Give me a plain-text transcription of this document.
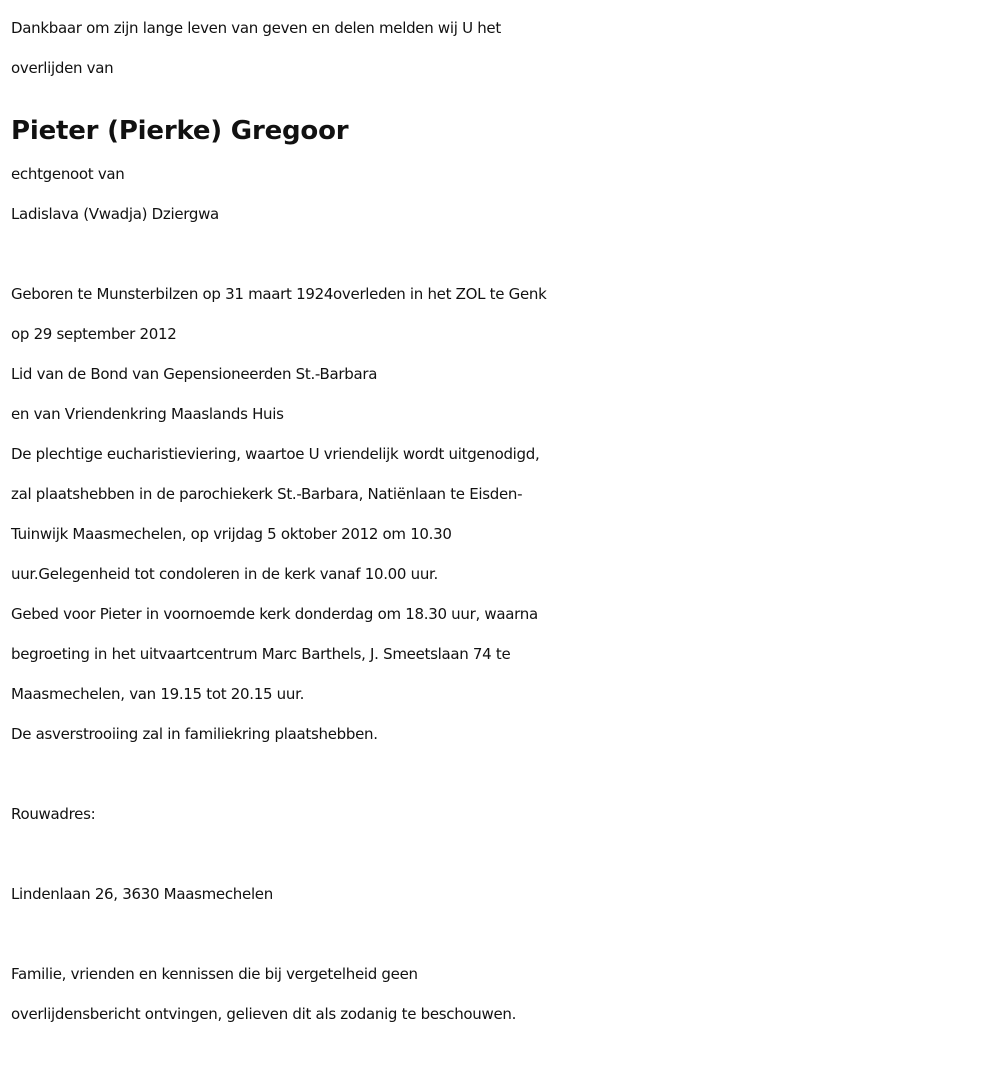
Dankbaar om zijn lange leven van geven en delen melden wij U het
overlijden van
Pieter (Pierke) Gregoor
echtgenoot van
Ladislava (Vwadja) Dziergwa
Geboren te Munsterbilzen op 31 maart 1924overleden in het ZOL te Genk
op 29 september 2012
Lid van de Bond van Gepensioneerden St.-Barbara
en van Vriendenkring Maaslands Huis
De plechtige eucharistieviering, waartoe U vriendelijk wordt uitgenodigd,
zal plaatshebben in de parochiekerk St.-Barbara, Natiënlaan te Eisden-
Tuinwijk Maasmechelen, op vrijdag 5 oktober 2012 om 10.30
uur.Gelegenheid tot condoleren in de kerk vanaf 10.00 uur.
Gebed voor Pieter in voornoemde kerk donderdag om 18.30 uur, waarna
begroeting in het uitvaartcentrum Marc Barthels, J. Smeetslaan 74 te
Maasmechelen, van 19.15 tot 20.15 uur.
De asverstrooiing zal in familiekring plaatshebben.
Rouwadres:
Lindenlaan 26, 3630 Maasmechelen
Familie, vrienden en kennissen die bij vergetelheid geen
overlijdensbericht ontvingen, gelieven dit als zodanig te beschouwen.
